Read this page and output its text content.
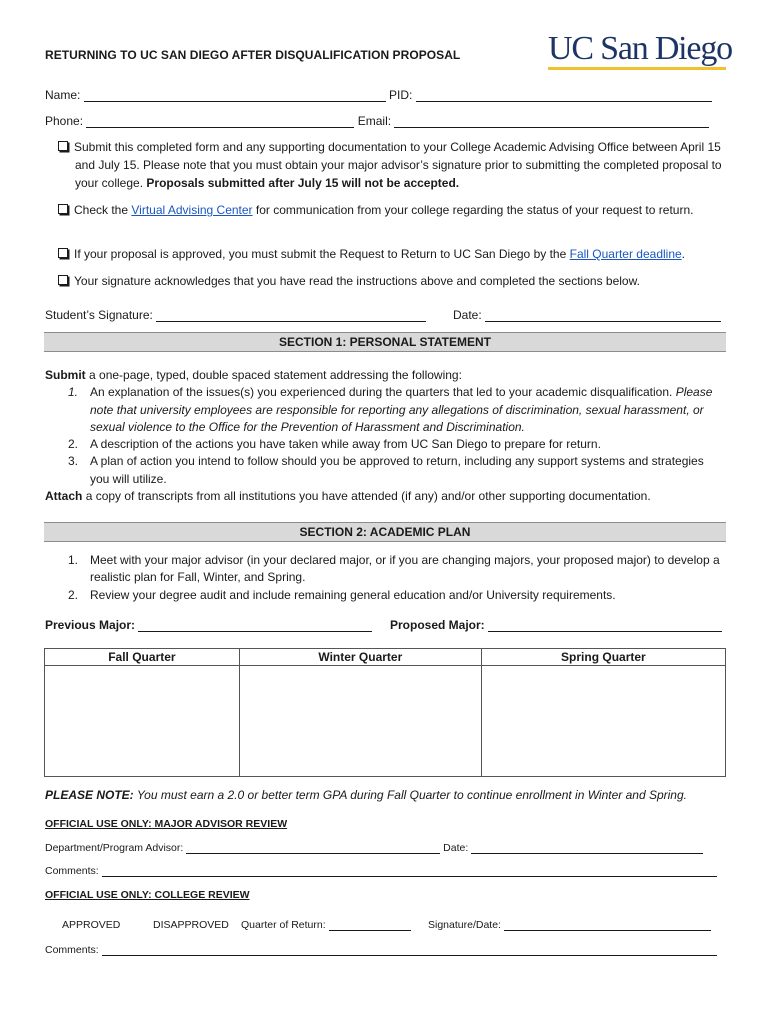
RETURNING TO UC SAN DIEGO AFTER DISQUALIFICATION PROPOSAL	UC San Diego
Name:	PID:
Phone:	Email:
Submit this completed form and any supporting documentation to your College Academic Advising Office between April 15 and July 15. Please note that you must obtain your major advisor’s signature prior to submitting the completed proposal to your college. Proposals submitted after July 15 will not be accepted.
Check the Virtual Advising Center for communication from your college regarding the status of your request to return.
If your proposal is approved, you must submit the Request to Return to UC San Diego by the Fall Quarter deadline.
Your signature acknowledges that you have read the instructions above and completed the sections below.
Student’s Signature:	Date:
SECTION 1: PERSONAL STATEMENT
Submit a one-page, typed, double spaced statement addressing the following:
1. An explanation of the issues(s) you experienced during the quarters that led to your academic disqualification. Please note that university employees are responsible for reporting any allegations of discrimination, sexual harassment, or sexual violence to the Office for the Prevention of Harassment and Discrimination.
2. A description of the actions you have taken while away from UC San Diego to prepare for return.
3. A plan of action you intend to follow should you be approved to return, including any support systems and strategies you will utilize.
Attach a copy of transcripts from all institutions you have attended (if any) and/or other supporting documentation.
SECTION 2: ACADEMIC PLAN
1. Meet with your major advisor (in your declared major, or if you are changing majors, your proposed major) to develop a realistic plan for Fall, Winter, and Spring.
2. Review your degree audit and include remaining general education and/or University requirements.
Previous Major:	Proposed Major:
Fall Quarter	Winter Quarter	Spring Quarter

PLEASE NOTE: You must earn a 2.0 or better term GPA during Fall Quarter to continue enrollment in Winter and Spring.
OFFICIAL USE ONLY: MAJOR ADVISOR REVIEW
Department/Program Advisor:	Date:
Comments:
OFFICIAL USE ONLY: COLLEGE REVIEW
APPROVED	DISAPPROVED Quarter of Return:	Signature/Date:
Comments:
